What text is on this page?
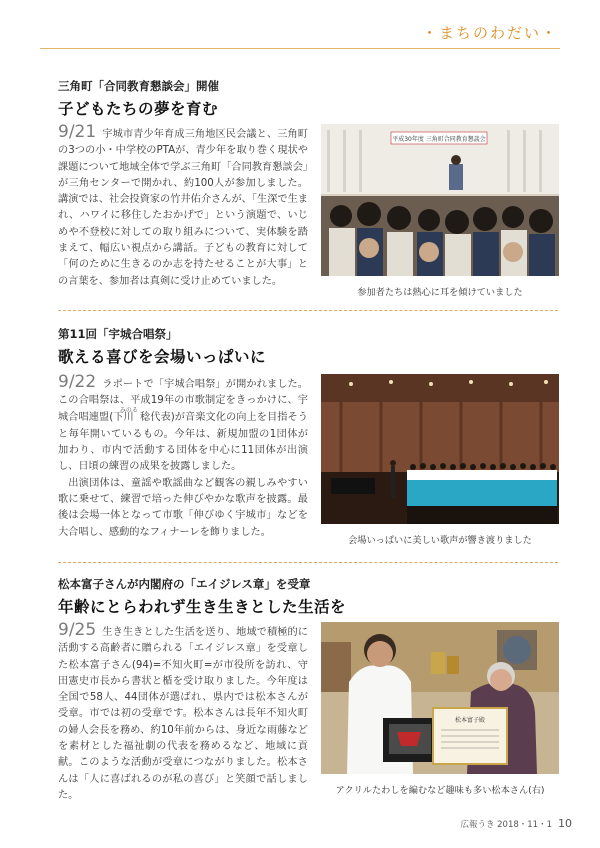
・まちのわだい・
三角町「合同教育懇談会」開催
子どもたちの夢を育む
9/21 宇城市青少年育成三角地区民会議と、三角町の3つの小・中学校のPTAが、青少年を取り巻く現状や課題について地域全体で学ぶ三角町「合同教育懇談会」が三角センターで開かれ、約100人が参加しました。講演では、社会投資家の竹井佑介さんが、「生深で生まれ、ハワイに移住したおかげで」という演題で、いじめや不登校に対しての取り組みについて、実体験を踏まえて、幅広い視点から講話。子どもの教育に対して「何のために生きるのか志を持たせることが大事」との言葉を、参加者は真剣に受け止めていました。
平成30年度 三角町合同教育懇談会
参加者たちは熱心に耳を傾けていました
第11回「宇城合唱祭」
歌える喜びを会場いっぱいに
9/22 ラポートで「宇城合唱祭」が開かれました。この合唱祭は、平成19年の市歌制定をきっかけに、宇城合唱連盟(下川$^{みのる}$稔代表)が音楽文化の向上を目指そうと毎年開いているもの。今年は、新規加盟の1団体が加わり、市内で活動する団体を中心に11団体が出演し、日頃の練習の成果を披露しました。
出演団体は、童謡や歌謡曲など観客の親しみやすい歌に乗せて、練習で培った伸びやかな歌声を披露。最後は会場一体となって市歌「伸びゆく宇城市」などを大合唱し、感動的なフィナーレを飾りました。
会場いっぱいに美しい歌声が響き渡りました
松本富子さんが内閣府の「エイジレス章」を受章
年齢にとらわれず生き生きとした生活を
9/25 生き生きとした生活を送り、地域で積極的に活動する高齢者に贈られる「エイジレス章」を受章した松本富子さん(94)=不知火町=が市役所を訪れ、守田憲史市長から書状と楯を受け取りました。今年度は全国で58人、44団体が選ばれ、県内では松本さんが受章。市では初の受章です。松本さんは長年不知火町の婦人会長を務め、約10年前からは、身近な雨藤などを素材とした福祉劇の代表を務めるなど、地域に貢献。このような活動が受章につながりました。松本さんは「人に喜ばれるのが私の喜び」と笑顔で話しました。
松本富子殿
アクリルたわしを編むなど趣味も多い松本さん(右)
広報うき 2018・11・1 10
